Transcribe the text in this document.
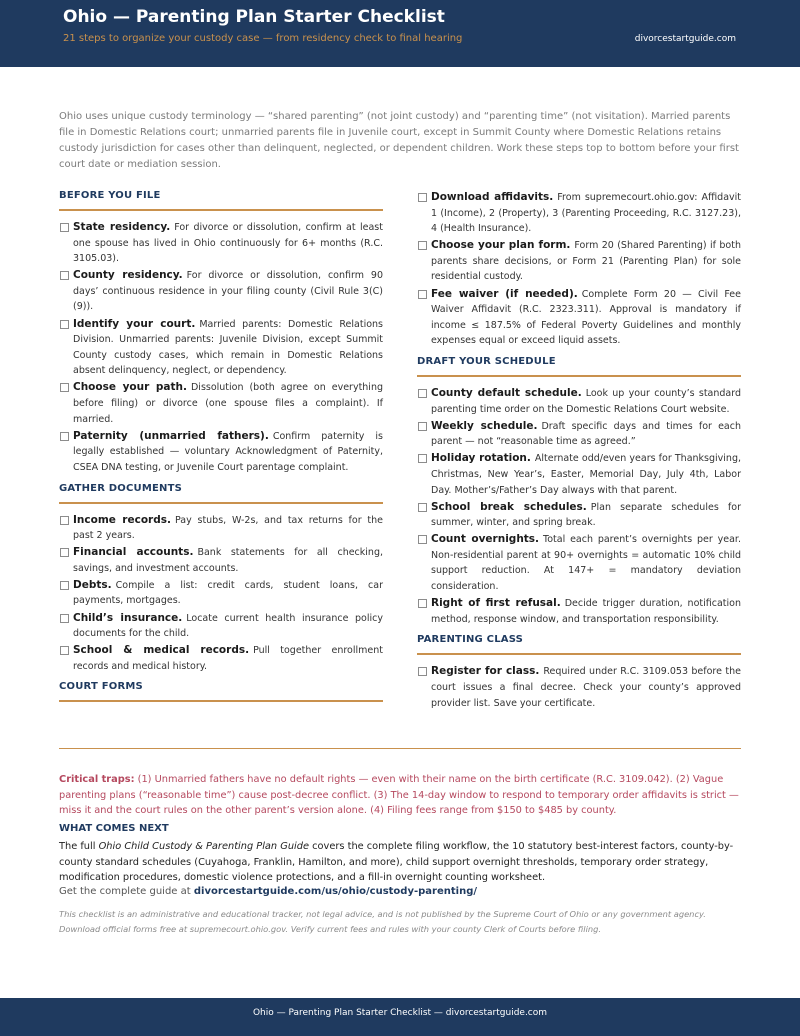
Ohio — Parenting Plan Starter Checklist
21 steps to organize your custody case — from residency check to final hearing	divorcestartguide.com

Ohio uses unique custody terminology — “shared parenting” (not joint custody) and “parenting time” (not visitation). Married parents file in Domestic Relations court; unmarried parents file in Juvenile court, except in Summit County where Domestic Relations retains custody jurisdiction for cases other than delinquent, neglected, or dependent children. Work these steps top to bottom before your first court date or mediation session.

BEFORE YOU FILE
State residency. For divorce or dissolution, confirm at least one spouse has lived in Ohio continuously for 6+ months (R.C. 3105.03).
County residency. For divorce or dissolution, confirm 90 days’ continuous residence in your filing county (Civil Rule 3(C)(9)).
Identify your court. Married parents: Domestic Relations Division. Unmarried parents: Juvenile Division, except Summit County custody cases, which remain in Domestic Relations absent delinquency, neglect, or dependency.
Choose your path. Dissolution (both agree on everything before filing) or divorce (one spouse files a complaint). If married.
Paternity (unmarried fathers). Confirm paternity is legally established — voluntary Acknowledgment of Paternity, CSEA DNA testing, or Juvenile Court parentage complaint.
GATHER DOCUMENTS
Income records. Pay stubs, W-2s, and tax returns for the past 2 years.
Financial accounts. Bank statements for all checking, savings, and investment accounts.
Debts. Compile a list: credit cards, student loans, car payments, mortgages.
Child’s insurance. Locate current health insurance policy documents for the child.
School & medical records. Pull together enrollment records and medical history.
COURT FORMS
Download affidavits. From supremecourt.ohio.gov: Affidavit 1 (Income), 2 (Property), 3 (Parenting Proceeding, R.C. 3127.23), 4 (Health Insurance).
Choose your plan form. Form 20 (Shared Parenting) if both parents share decisions, or Form 21 (Parenting Plan) for sole residential custody.
Fee waiver (if needed). Complete Form 20 — Civil Fee Waiver Affidavit (R.C. 2323.311). Approval is mandatory if income ≤ 187.5% of Federal Poverty Guidelines and monthly expenses equal or exceed liquid assets.
DRAFT YOUR SCHEDULE
County default schedule. Look up your county’s standard parenting time order on the Domestic Relations Court website.
Weekly schedule. Draft specific days and times for each parent — not “reasonable time as agreed.”
Holiday rotation. Alternate odd/even years for Thanksgiving, Christmas, New Year’s, Easter, Memorial Day, July 4th, Labor Day. Mother’s/Father’s Day always with that parent.
School break schedules. Plan separate schedules for summer, winter, and spring break.
Count overnights. Total each parent’s overnights per year. Non-residential parent at 90+ overnights = automatic 10% child support reduction. At 147+ = mandatory deviation consideration.
Right of first refusal. Decide trigger duration, notification method, response window, and transportation responsibility.
PARENTING CLASS
Register for class. Required under R.C. 3109.053 before the court issues a final decree. Check your county’s approved provider list. Save your certificate.

Critical traps: (1) Unmarried fathers have no default rights — even with their name on the birth certificate (R.C. 3109.042). (2) Vague parenting plans (“reasonable time”) cause post-decree conflict. (3) The 14-day window to respond to temporary order affidavits is strict — miss it and the court rules on the other parent’s version alone. (4) Filing fees range from $150 to $485 by county.

WHAT COMES NEXT

The full Ohio Child Custody & Parenting Plan Guide covers the complete filing workflow, the 10 statutory best-interest factors, county-by-county standard schedules (Cuyahoga, Franklin, Hamilton, and more), child support overnight thresholds, temporary order strategy, modification procedures, domestic violence protections, and a fill-in overnight counting worksheet.

Get the complete guide at divorcestartguide.com/us/ohio/custody-parenting/

This checklist is an administrative and educational tracker, not legal advice, and is not published by the Supreme Court of Ohio or any government agency. Download official forms free at supremecourt.ohio.gov. Verify current fees and rules with your county Clerk of Courts before filing.

Ohio — Parenting Plan Starter Checklist — divorcestartguide.com
